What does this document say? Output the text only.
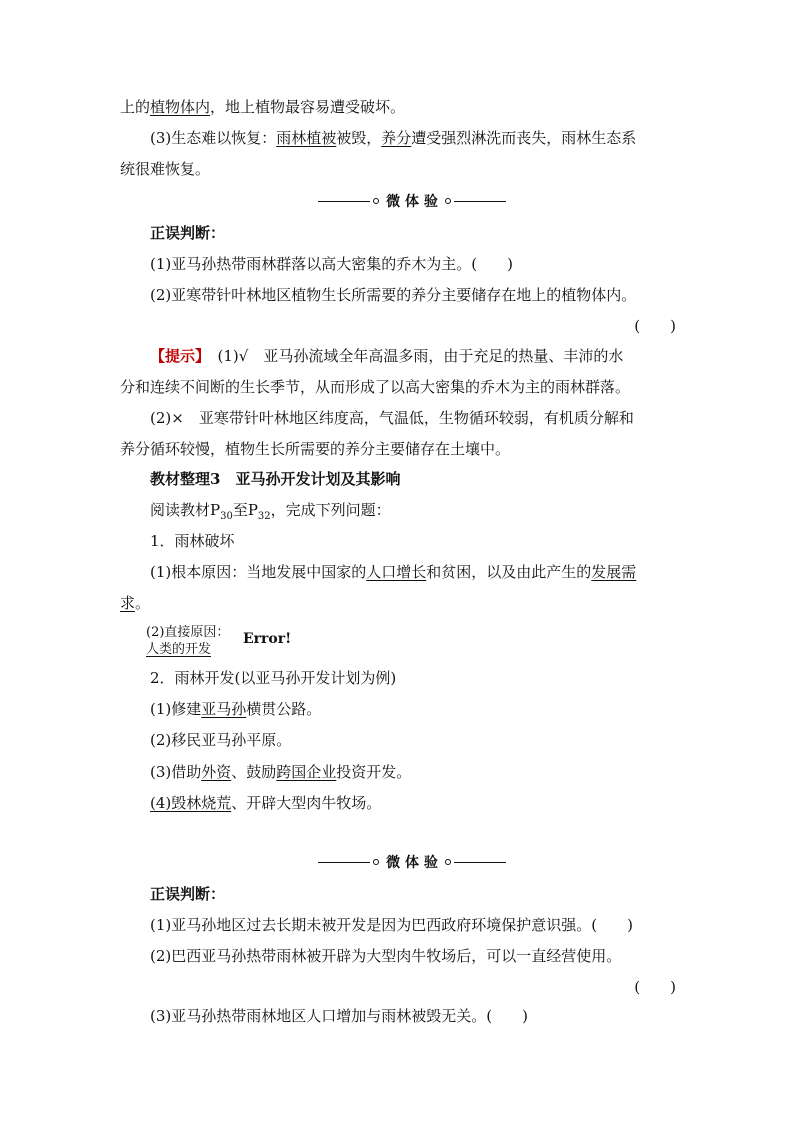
上的植物体内，地上植物最容易遭受破坏。
(3)生态难以恢复：雨林植被被毁，养分遭受强烈淋洗而丧失，雨林生态系
统很难恢复。
微 体 验
正误判断：
(1)亚马孙热带雨林群落以高大密集的乔木为主。(　　)
(2)亚寒带针叶林地区植物生长所需要的养分主要储存在地上的植物体内。
(　　)
【提示】　(1)√　亚马孙流域全年高温多雨，由于充足的热量、丰沛的水
分和连续不间断的生长季节，从而形成了以高大密集的乔木为主的雨林群落。
(2)×　亚寒带针叶林地区纬度高，气温低，生物循环较弱，有机质分解和
养分循环较慢，植物生长所需要的养分主要储存在土壤中。
教材整理3　亚马孙开发计划及其影响
阅读教材$P_{30}$至$P_{32}$，完成下列问题：
1．雨林破坏
(1)根本原因：当地发展中国家的人口增长和贫困，以及由此产生的发展需
求。
(2)直接原因：
人类的开发
Error!
2．雨林开发(以亚马孙开发计划为例)
(1)修建亚马孙横贯公路。
(2)移民亚马孙平原。
(3)借助外资、鼓励跨国企业投资开发。
(4)毁林烧荒、开辟大型肉牛牧场。
微 体 验
正误判断：
(1)亚马孙地区过去长期未被开发是因为巴西政府环境保护意识强。(　　)
(2)巴西亚马孙热带雨林被开辟为大型肉牛牧场后，可以一直经营使用。
(　　)
(3)亚马孙热带雨林地区人口增加与雨林被毁无关。(　　)
